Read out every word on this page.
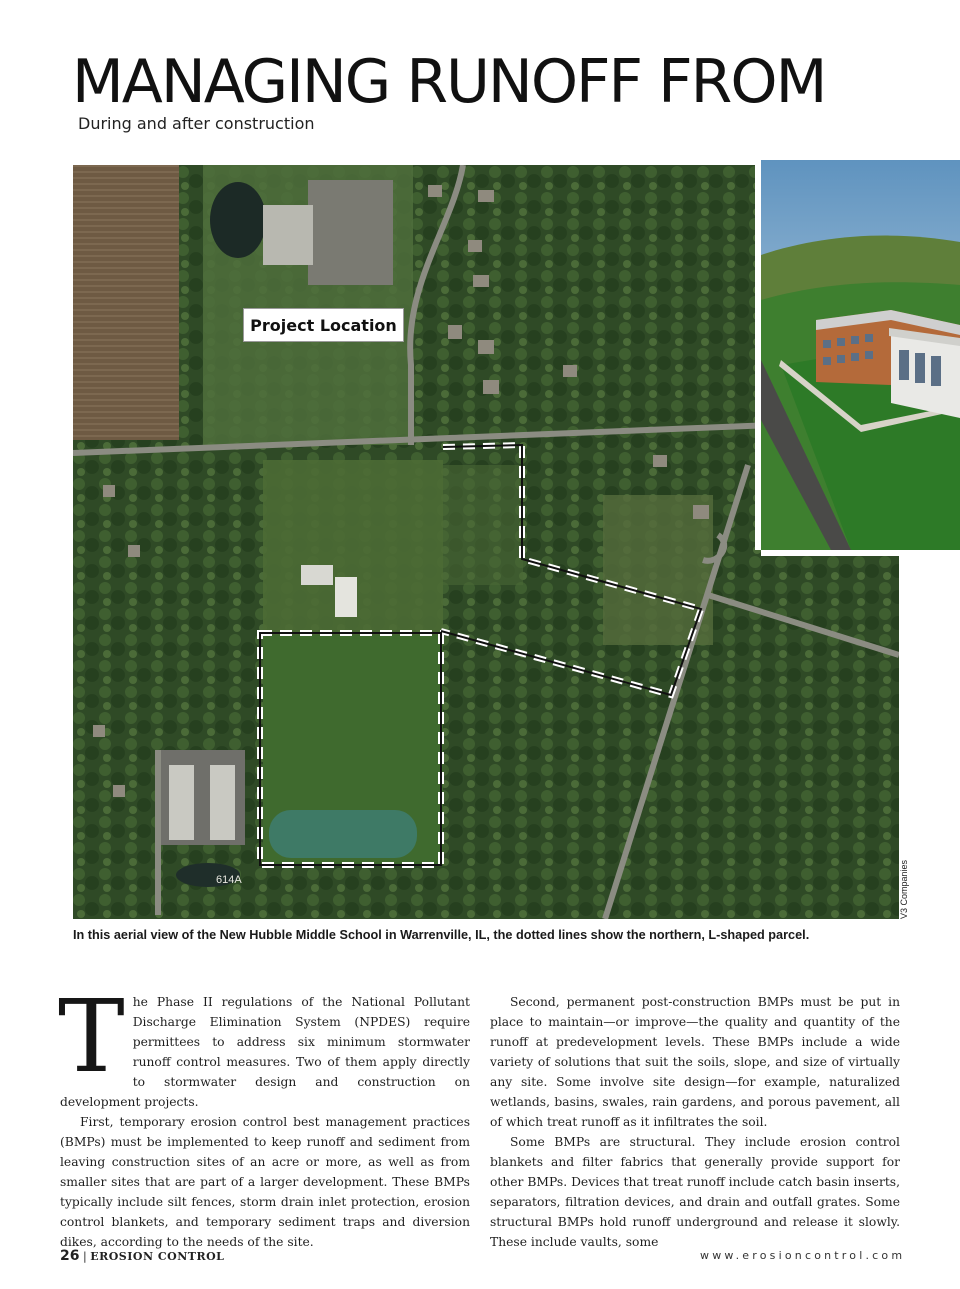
MANAGING RUNOFF FROM
During and after construction
614A
Project Location
V3 Companies
In this aerial view of the New Hubble Middle School in Warrenville, IL, the dotted lines show the northern, L-shaped parcel.
T he Phase II regulations of the National Pollutant Discharge Elimination System (NPDES) require permittees to address six minimum stormwater runoff control measures. Two of them apply directly to stormwater design and construction on development projects.

First, temporary erosion control best management practices (BMPs) must be implemented to keep runoff and sediment from leaving construction sites of an acre or more, as well as from smaller sites that are part of a larger development. These BMPs typically include silt fences, storm drain inlet protection, erosion control blankets, and temporary sediment traps and diversion dikes, according to the needs of the site.

Second, permanent post-construction BMPs must be put in place to maintain—or improve—the quality and quantity of the runoff at predevelopment levels. These BMPs include a wide variety of solutions that suit the soils, slope, and size of virtually any site. Some involve site design—for example, naturalized wetlands, basins, swales, rain gardens, and porous pavement, all of which treat runoff as it infiltrates the soil.

Some BMPs are structural. They include erosion control blankets and filter fabrics that generally provide support for other BMPs. Devices that treat runoff include catch basin inserts, separators, filtration devices, and drain and outfall grates. Some structural BMPs hold runoff underground and release it slowly. These include vaults, some

26 | EROSION CONTROL	www.erosioncontrol.com
